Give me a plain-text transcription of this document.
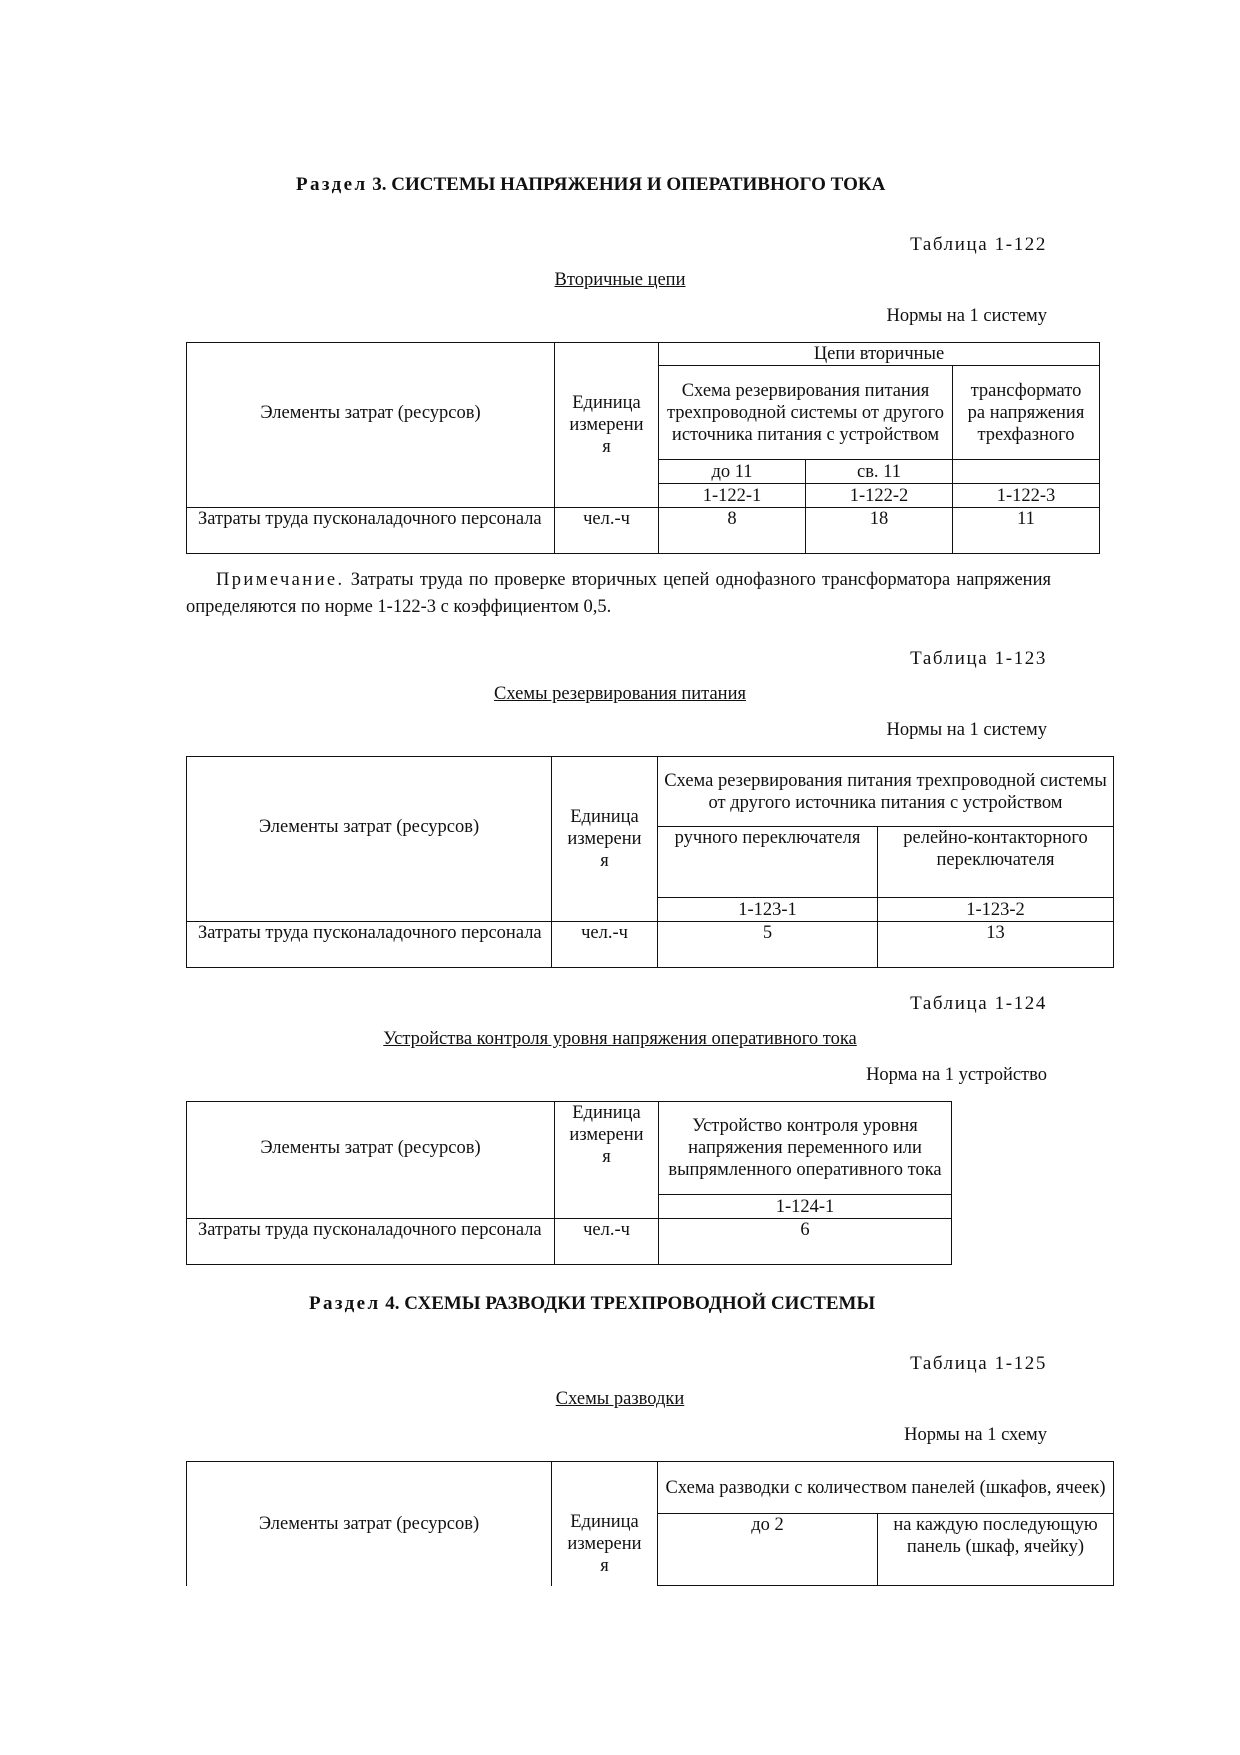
Раздел 3. СИСТЕМЫ НАПРЯЖЕНИЯ И ОПЕРАТИВНОГО ТОКА
Таблица 1-122
Вторичные цепи
Нормы на 1 систему
Элементы затрат (ресурсов)	Единица измерения	Цепи вторичные		
		Схема резервирования питания трехпроводной системы от другого источника питания с устройством		трансформатора напряжения трехфазного

		до 11	св. 11	
		1-122-1	1-122-2	1-122-3
Затраты труда пусконаладочного персонала	чел.-ч	8	18	11
Примечание. Затраты труда по проверке вторичных цепей однофазного трансформатора напряжения определяются по норме 1-122-3 с коэффициентом 0,5.
Таблица 1-123
Схемы резервирования питания
Нормы на 1 систему
Элементы затрат (ресурсов)	Единица измерения	Схема резервирования питания трехпроводной системы от другого источника питания с устройством	
		ручного переключателя	релейно-контакторного переключателя
		1-123-1	1-123-2
Затраты труда пусконаладочного персонала	чел.-ч	5	13
Таблица 1-124
Устройства контроля уровня напряжения оперативного тока
Норма на 1 устройство
Элементы затрат (ресурсов)	Единица измерения	Устройство контроля уровня напряжения переменного или выпрямленного оперативного тока
		1-124-1
Затраты труда пусконаладочного персонала	чел.-ч	6
Раздел 4. СХЕМЫ РАЗВОДКИ ТРЕХПРОВОДНОЙ СИСТЕМЫ
Таблица 1-125
Схемы разводки
Нормы на 1 схему
Элементы затрат (ресурсов)	Единица измерения	Схема разводки с количеством панелей (шкафов, ячеек)	
		до 2	на каждую последующую панель (шкаф, ячейку)
